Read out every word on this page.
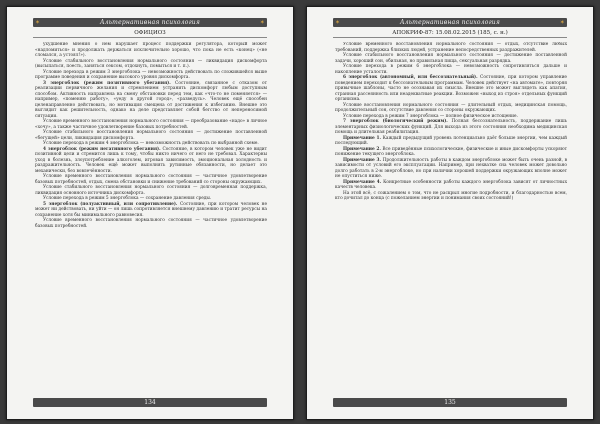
✶	Альтернативная психология	✶
ОФИЦИОЗ

ухудшение мнения о нём нарушает процесс поддержки регулятора, который может «надломиться» и продолжать держаться исключительно хорошо, что пока не есть «конец» («не сломался, а устоял!»).

Условие стабильного восстановления нормального состояния — ликвидация дискомфорта (высыпаться, поесть, заняться сексом, отдохнуть, помыться и т. п.).

Условие перехода в режим 3 энергоблока — невозможность действовать по сложившейся выше программе поведения и сохранение высокого уровня дискомфорта.

3 энергоблок (режим позитивного убегания). Состояние, связанное с отказом от реализации первичного желания и стремлением устранить дискомфорт любым доступным способом. Активность направлена на смену обстановки перед тем, как «что-то не поменяется» — например, «поменяю работу», «уеду в другой город», «разведусь». Человек ещё способен целенаправленно действовать, но мотивация смещена от достижения к избеганию. Внешне это выглядит как решительность, однако на деле представляет собой бегство от непереносимой ситуации.

Условие временного восстановления нормального состояния — преобразование «надо» в личное «хочу», а также частичное удовлетворение базовых потребностей.

Условие стабильного восстановления нормального состояния — достижение поставленной «бегущей» цели, ликвидация дискомфорта.

Условие перехода в режим 4 энергоблока — невозможность действовать по выбранной схеме.

4 энергоблок (режим негативного убегания). Состояние, в котором человек уже не видит позитивной цели и стремится лишь к тому, чтобы никто ничего от него не требовал. Характерны уход в болезнь, злоупотребление алкоголем, игровая зависимость, эмоциональная холодность и раздражительность. Человек ещё может выполнять рутинные обязанности, но делает это механически, без вовлечённости.

Условие временного восстановления нормального состояния — частичное удовлетворение базовых потребностей, отдых, смена обстановки и снижение требований со стороны окружающих.

Условие стабильного восстановления нормального состояния — долговременная поддержка, ликвидация основного источника дискомфорта.

Условие перехода в режим 5 энергоблока — сохранение давления среды.

5 энергоблок (полуактивный, или сопротивление). Состояние, при котором человек не может ни действовать, ни уйти — он лишь сопротивляется внешнему давлению и тратит ресурсы на сохранение хотя бы минимального равновесия.

Условие временного восстановления нормального состояния — частичное удовлетворение базовых потребностей.

134
✶	Альтернативная психология	✶
АПОКРИФ-87: 15.08.02.2015 (185, с. н.)

Условие временного восстановления нормального состояния — отдых, отсутствие любых требований, поддержка близких людей, устранение непосредственных раздражителей.

Условие стабильного восстановления нормального состояния — достижение поставленной задачи, хороший сон, обильная, но правильная пища, сексуальная разрядка.

Условие перехода в режим 6 энергоблока — невозможность сопротивляться дальше и накопление усталости.

6 энергоблок (автономный, или бессознательный). Состояние, при котором управление поведением переходит к бессознательным программам. Человек действует «на автомате», повторяя привычные шаблоны, часто не осознавая их смысла. Внешне это может выглядеть как апатия, странная рассеянность или неадекватные реакции. Возможен «выход из строя» отдельных функций организма.

Условие восстановления нормального состояния — длительный отдых, медицинская помощь, продолжительный сон, отсутствие давления со стороны окружающих.

Условие перехода в режим 7 энергоблока — полное физическое истощение.

7 энергоблок (биологический режим). Полная бессознательность, поддержание лишь элементарных физиологических функций. Для выхода из этого состояния необходима медицинская помощь и длительная реабилитация.

Примечание 1. Каждый предыдущий уровень потенциально даёт больше энергии, чем каждый последующий.

Примечание 2. Все приведённые психологические, физические и иные дискомфорты ускоряют понижение текущего энергоблока.

Примечание 3. Продолжительность работы в каждом энергоблоке может быть очень разной, в зависимости от условий его эксплуатации. Например, при нехватке сна человек может довольно долго работать в 2-м энергоблоке, но при наличии хорошей поддержки окружающих вполне может не опуститься ниже.

Примечание 4. Конкретные особенности работы каждого энергоблока зависят от личностных качеств человека.

На этой всё, с сожалением о том, что не раскрыл многие подробности, и благодарностью всем, кто дочитал до конца (с пожеланием энергии и понимания своих состояний!)

135
